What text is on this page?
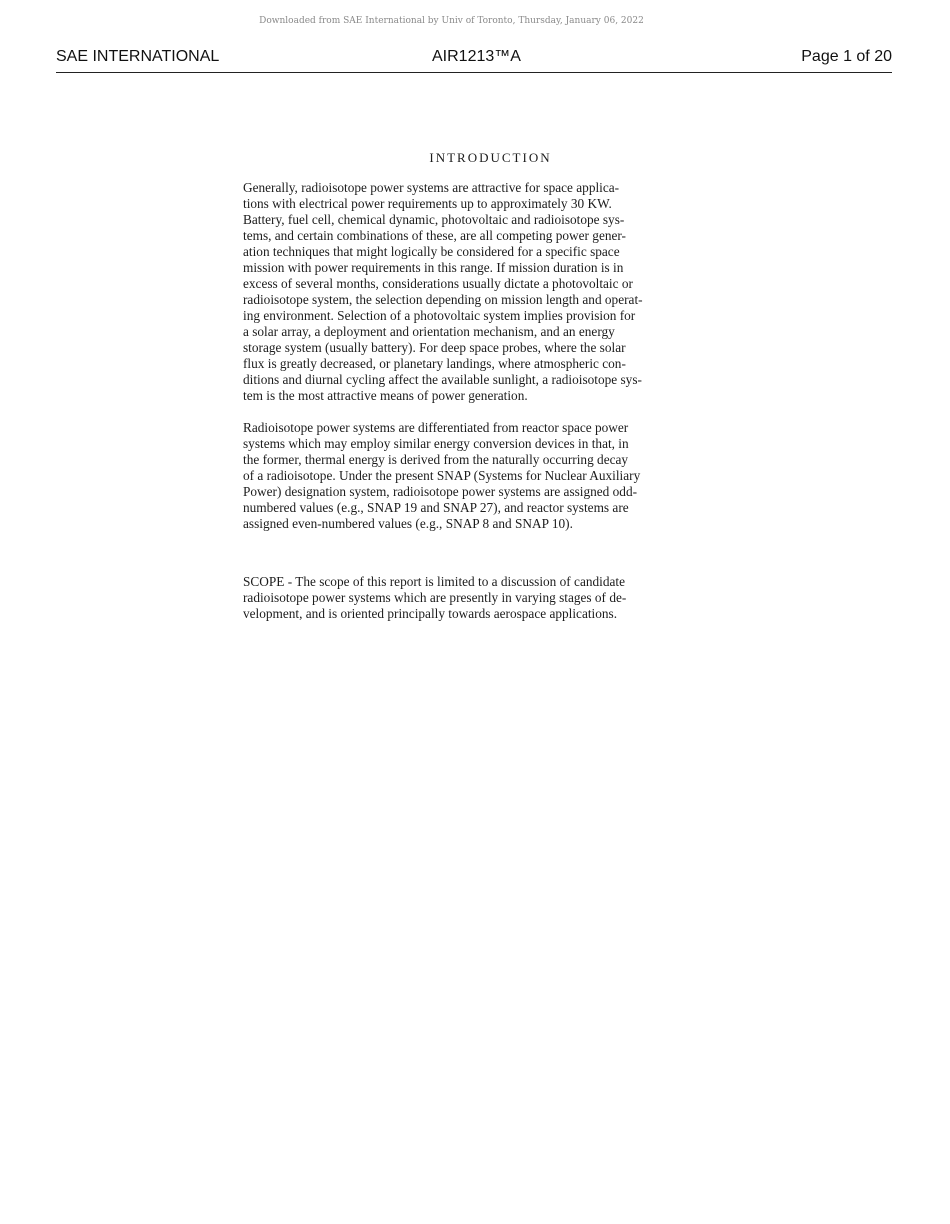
Downloaded from SAE International by Univ of Toronto, Thursday, January 06, 2022
SAE INTERNATIONAL	AIR1213™A	Page 1 of 20
INTRODUCTION

Generally, radioisotope power systems are attractive for space applica-
tions with electrical power requirements up to approximately 30 KW.
Battery, fuel cell, chemical dynamic, photovoltaic and radioisotope sys-
tems, and certain combinations of these, are all competing power gener-
ation techniques that might logically be considered for a specific space
mission with power requirements in this range. If mission duration is in
excess of several months, considerations usually dictate a photovoltaic or
radioisotope system, the selection depending on mission length and operat-
ing environment. Selection of a photovoltaic system implies provision for
a solar array, a deployment and orientation mechanism, and an energy
storage system (usually battery). For deep space probes, where the solar
flux is greatly decreased, or planetary landings, where atmospheric con-
ditions and diurnal cycling affect the available sunlight, a radioisotope sys-
tem is the most attractive means of power generation.

Radioisotope power systems are differentiated from reactor space power
systems which may employ similar energy conversion devices in that, in
the former, thermal energy is derived from the naturally occurring decay
of a radioisotope. Under the present SNAP (Systems for Nuclear Auxiliary
Power) designation system, radioisotope power systems are assigned odd-
numbered values (e.g., SNAP 19 and SNAP 27), and reactor systems are
assigned even-numbered values (e.g., SNAP 8 and SNAP 10).

SCOPE - The scope of this report is limited to a discussion of candidate
radioisotope power systems which are presently in varying stages of de-
velopment, and is oriented principally towards aerospace applications.
